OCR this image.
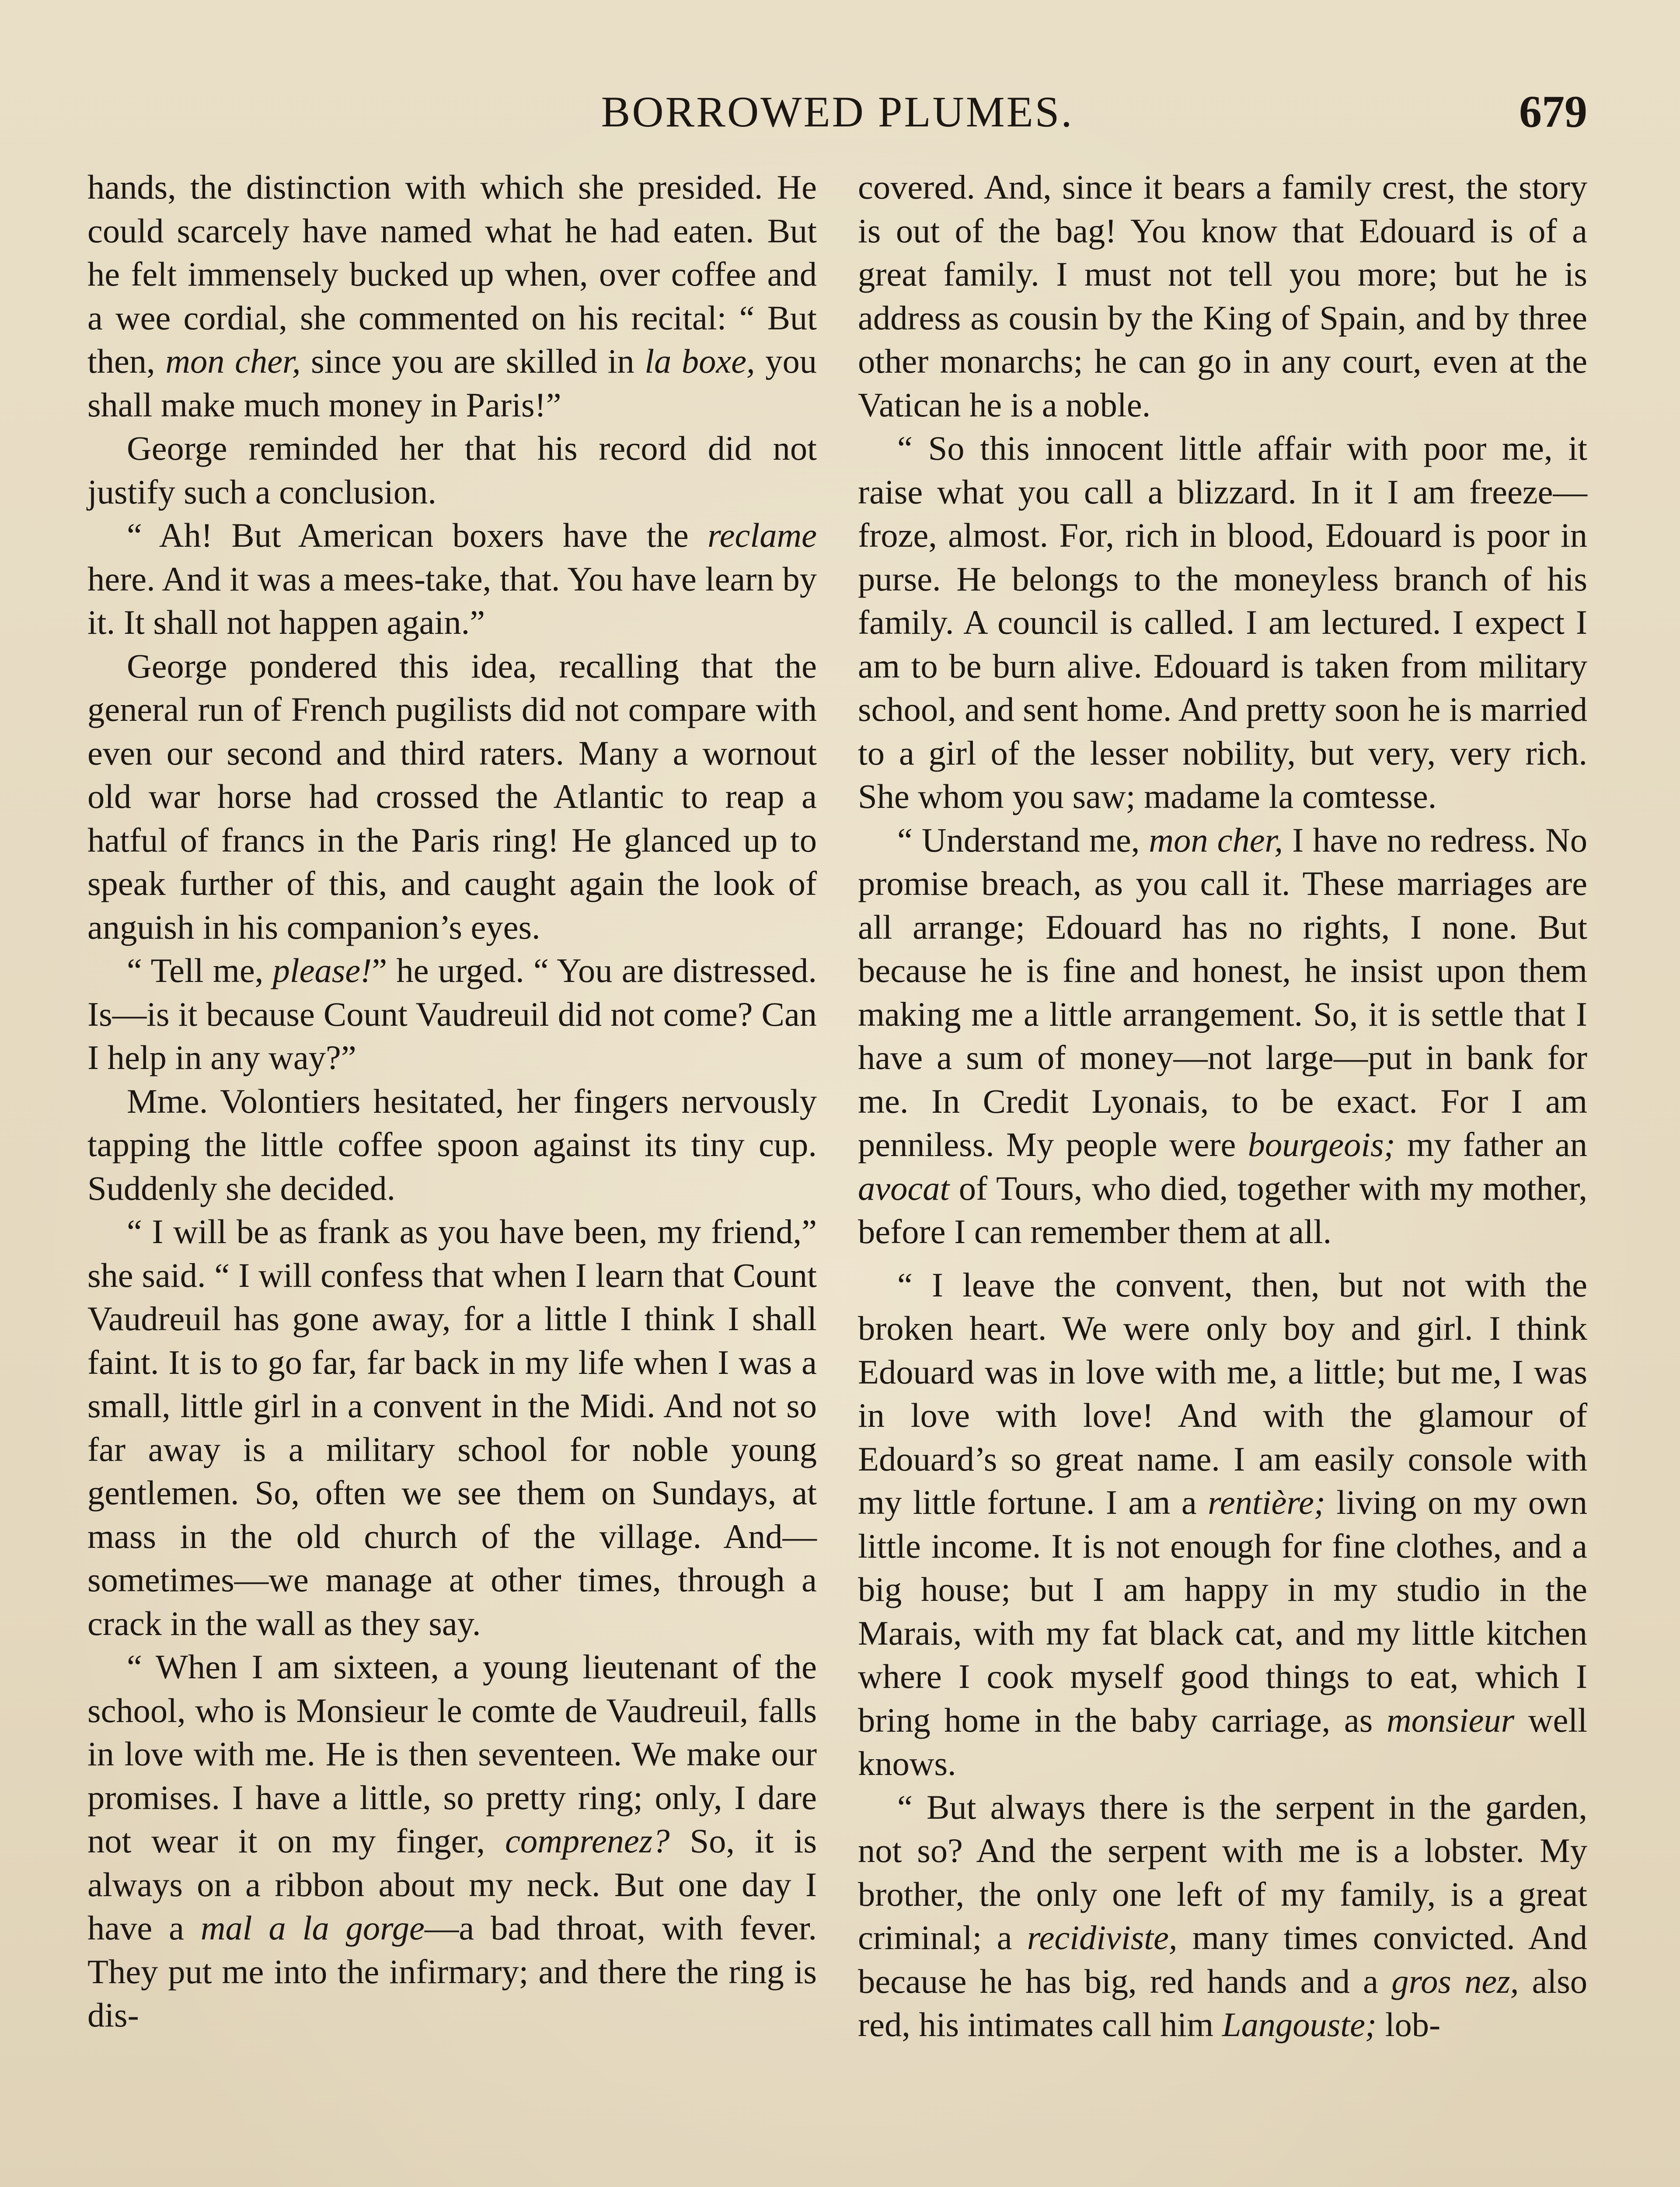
BORROWED PLUMES.	679

hands, the distinction with which she presided. He could scarcely have named what he had eaten. But he felt immensely bucked up when, over coffee and a wee cordial, she commented on his recital: “ But then, mon cher, since you are skilled in la boxe, you shall make much money in Paris!”

George reminded her that his record did not justify such a conclusion.

“ Ah! But American boxers have the reclame here. And it was a mees-take, that. You have learn by it. It shall not happen again.”

George pondered this idea, recalling that the general run of French pugilists did not compare with even our second and third raters. Many a wornout old war horse had crossed the Atlantic to reap a hatful of francs in the Paris ring! He glanced up to speak further of this, and caught again the look of anguish in his companion’s eyes.

“ Tell me, please!” he urged. “ You are distressed. Is—is it because Count Vaudreuil did not come? Can I help in any way?”

Mme. Volontiers hesitated, her fingers nervously tapping the little coffee spoon against its tiny cup. Suddenly she decided.

“ I will be as frank as you have been, my friend,” she said. “ I will confess that when I learn that Count Vaudreuil has gone away, for a little I think I shall faint. It is to go far, far back in my life when I was a small, little girl in a convent in the Midi. And not so far away is a military school for noble young gentlemen. So, often we see them on Sundays, at mass in the old church of the village. And—sometimes—we manage at other times, through a crack in the wall as they say.

“ When I am sixteen, a young lieutenant of the school, who is Monsieur le comte de Vaudreuil, falls in love with me. He is then seventeen. We make our promises. I have a little, so pretty ring; only, I dare not wear it on my finger, comprenez? So, it is always on a ribbon about my neck. But one day I have a mal a la gorge—a bad throat, with fever. They put me into the infirmary; and there the ring is dis-

covered. And, since it bears a family crest, the story is out of the bag! You know that Edouard is of a great family. I must not tell you more; but he is address as cousin by the King of Spain, and by three other monarchs; he can go in any court, even at the Vatican he is a noble.

“ So this innocent little affair with poor me, it raise what you call a blizzard. In it I am freeze—froze, almost. For, rich in blood, Edouard is poor in purse. He belongs to the moneyless branch of his family. A council is called. I am lectured. I expect I am to be burn alive. Edouard is taken from military school, and sent home. And pretty soon he is married to a girl of the lesser nobility, but very, very rich. She whom you saw; madame la comtesse.

“ Understand me, mon cher, I have no redress. No promise breach, as you call it. These marriages are all arrange; Edouard has no rights, I none. But because he is fine and honest, he insist upon them making me a little arrangement. So, it is settle that I have a sum of money—not large—put in bank for me. In Credit Lyonais, to be exact. For I am penniless. My people were bourgeois; my father an avocat of Tours, who died, together with my mother, before I can remember them at all.

“ I leave the convent, then, but not with the broken heart. We were only boy and girl. I think Edouard was in love with me, a little; but me, I was in love with love! And with the glamour of Edouard’s so great name. I am easily console with my little fortune. I am a rentière; living on my own little income. It is not enough for fine clothes, and a big house; but I am happy in my studio in the Marais, with my fat black cat, and my little kitchen where I cook myself good things to eat, which I bring home in the baby carriage, as monsieur well knows.

“ But always there is the serpent in the garden, not so? And the serpent with me is a lobster. My brother, the only one left of my family, is a great criminal; a recidiviste, many times convicted. And because he has big, red hands and a gros nez, also red, his intimates call him Langouste; lob-
